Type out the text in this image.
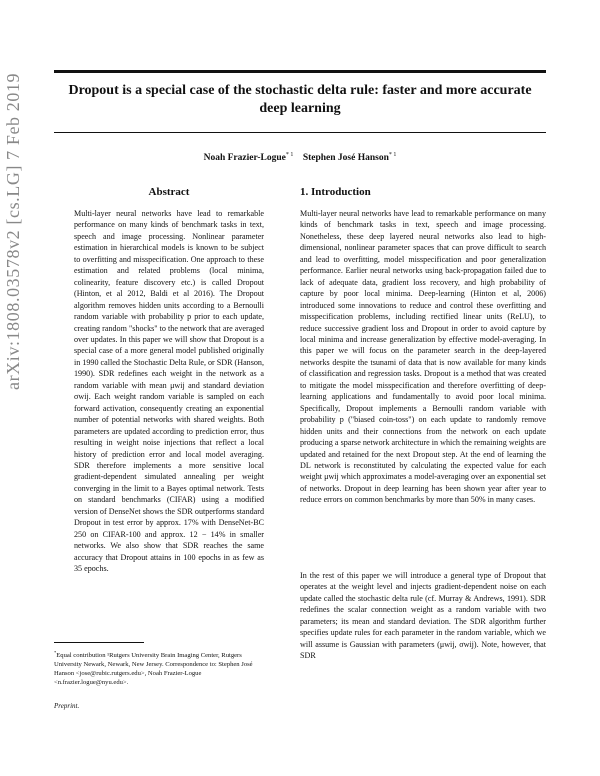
Dropout is a special case of the stochastic delta rule: faster and more accurate deep learning
Noah Frazier-Logue$^{* 1}$ Stephen José Hanson$^{* 1}$
arXiv:1808.03578v2 [cs.LG] 7 Feb 2019	Abstract

Multi-layer neural networks have lead to remarkable performance on many kinds of benchmark tasks in text, speech and image processing. Nonlinear parameter estimation in hierarchical models is known to be subject to overfitting and misspecification. One approach to these estimation and related problems (local minima, colinearity, feature discovery etc.) is called Dropout (Hinton, et al 2012, Baldi et al 2016). The Dropout algorithm removes hidden units according to a Bernoulli random variable with probability p prior to each update, creating random "shocks" to the network that are averaged over updates. In this paper we will show that Dropout is a special case of a more general model published originally in 1990 called the Stochastic Delta Rule, or SDR (Hanson, 1990). SDR redefines each weight in the network as a random variable with mean μwij and standard deviation σwij. Each weight random variable is sampled on each forward activation, consequently creating an exponential number of potential networks with shared weights. Both parameters are updated according to prediction error, thus resulting in weight noise injections that reflect a local history of prediction error and local model averaging. SDR therefore implements a more sensitive local gradient-dependent simulated annealing per weight converging in the limit to a Bayes optimal network. Tests on standard benchmarks (CIFAR) using a modified version of DenseNet shows the SDR outperforms standard Dropout in test error by approx. 17% with DenseNet-BC 250 on CIFAR-100 and approx. 12 − 14% in smaller networks. We also show that SDR reaches the same accuracy that Dropout attains in 100 epochs in as few as 35 epochs.

1. Introduction

Multi-layer neural networks have lead to remarkable performance on many kinds of benchmark tasks in text, speech and image processing. Nonetheless, these deep layered neural networks also lead to high-dimensional, nonlinear parameter spaces that can prove difficult to search and lead to overfitting, model misspecification and poor generalization performance. Earlier neural networks using back-propagation failed due to lack of adequate data, gradient loss recovery, and high probability of capture by poor local minima. Deep-learning (Hinton et al, 2006) introduced some innovations to reduce and control these overfitting and misspecification problems, including rectified linear units (ReLU), to reduce successive gradient loss and Dropout in order to avoid capture by local minima and increase generalization by effective model-averaging. In this paper we will focus on the parameter search in the deep-layered networks despite the tsunami of data that is now available for many kinds of classification and regression tasks. Dropout is a method that was created to mitigate the model misspecification and therefore overfitting of deep-learning applications and fundamentally to avoid poor local minima. Specifically, Dropout implements a Bernoulli random variable with probability p ("biased coin-toss") on each update to randomly remove hidden units and their connections from the network on each update producing a sparse network architecture in which the remaining weights are updated and retained for the next Dropout step. At the end of learning the DL network is reconstituted by calculating the expected value for each weight μwij which approximates a model-averaging over an exponential set of networks. Dropout in deep learning has been shown year after year to reduce errors on common benchmarks by more than 50% in many cases.

In the rest of this paper we will introduce a general type of Dropout that operates at the weight level and injects gradient-dependent noise on each update called the stochastic delta rule (cf. Murray & Andrews, 1991). SDR redefines the scalar connection weight as a random variable with two parameters; its mean and standard deviation. The SDR algorithm further specifies update rules for each parameter in the random variable, which we will assume is Gaussian with parameters (μwij, σwij). Note, however, that SDR

*Equal contribution ¹Rutgers University Brain Imaging Center, Rutgers University Newark, Newark, New Jersey. Correspondence to: Stephen José Hanson <jose@rubic.rutgers.edu>, Noah Frazier-Logue <n.frazier.logue@nyu.edu>.

Preprint.
